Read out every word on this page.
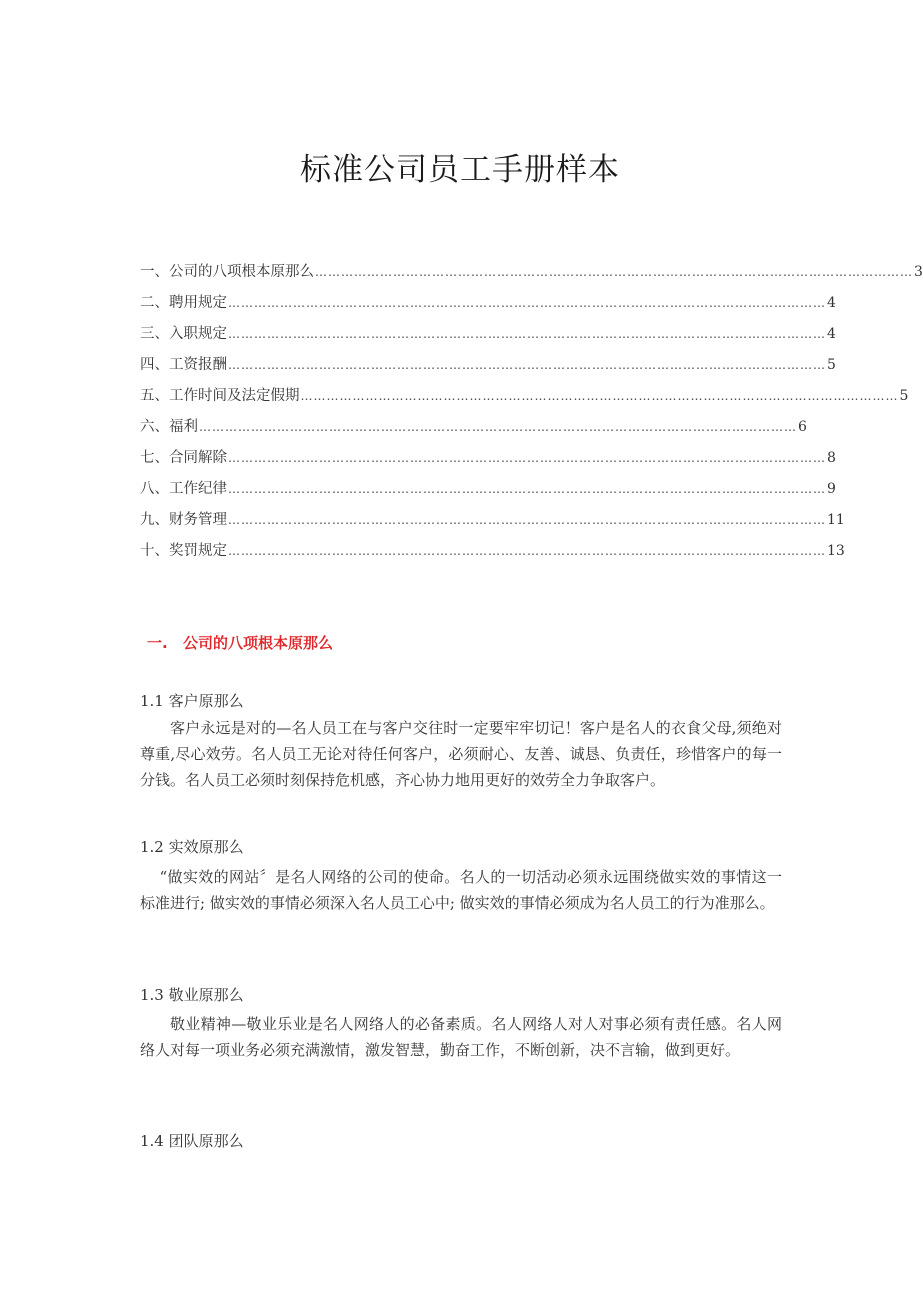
标准公司员工手册样本
一、公司的八项根本原那么 ………………………………………………………………………………………………………………………… 3
二、聘用规定 ………………………………………………………………………………………………………………………… 4
三、入职规定 ………………………………………………………………………………………………………………………… 4
四、工资报酬 ………………………………………………………………………………………………………………………… 5
五、工作时间及法定假期 ………………………………………………………………………………………………………………………… 5
六、福利 ………………………………………………………………………………………………………………………… 6
七、合同解除 ………………………………………………………………………………………………………………………… 8
八、工作纪律 ………………………………………………………………………………………………………………………… 9
九、财务管理 ………………………………………………………………………………………………………………………… 11
十、奖罚规定 ………………………………………………………………………………………………………………………… 13
一. 公司的八项根本原那么

1.1 客户原那么

客户永远是对的—名人员工在与客户交往时一定要牢牢切记！客户是名人的衣食父母,须绝对尊重,尽心效劳。名人员工无论对待任何客户，必须耐心、友善、诚恳、负责任，珍惜客户的每一分钱。名人员工必须时刻保持危机感，齐心协力地用更好的效劳全力争取客户。

1.2 实效原那么

“做实效的网站〞是名人网络的公司的使命。名人的一切活动必须永远围绕做实效的事情这一标准进行; 做实效的事情必须深入名人员工心中; 做实效的事情必须成为名人员工的行为准那么。

1.3 敬业原那么

敬业精神—敬业乐业是名人网络人的必备素质。名人网络人对人对事必须有责任感。名人网络人对每一项业务必须充满激情，激发智慧，勤奋工作，不断创新，决不言输，做到更好。

1.4 团队原那么
